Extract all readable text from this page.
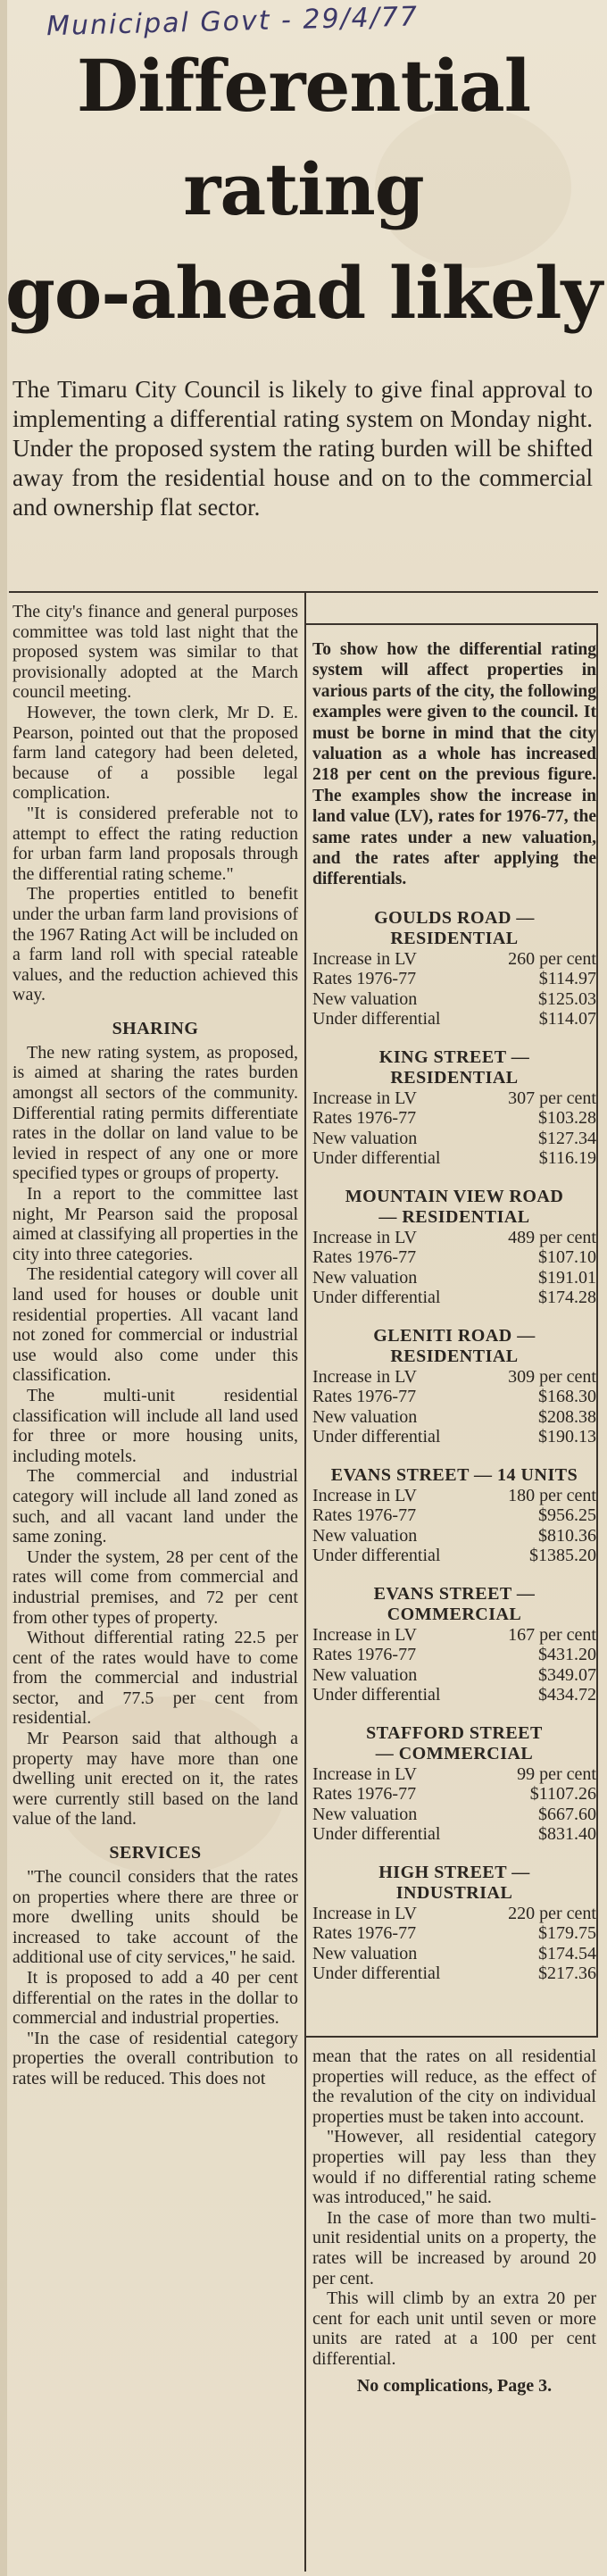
Municipal Govt - 29/4/77
Differential
rating
go-ahead likely
The Timaru City Council is likely to give final approval to implementing a differential rating system on Monday night. Under the proposed system the rating burden will be shifted away from the residential house and on to the commercial and ownership flat sector.

The city's finance and general purposes committee was told last night that the proposed system was similar to that provisionally adopted at the March council meeting.

However, the town clerk, Mr D. E. Pearson, pointed out that the proposed farm land category had been deleted, because of a possible legal complication.

"It is considered preferable not to attempt to effect the rating reduction for urban farm land proposals through the differential rating scheme."

The properties entitled to benefit under the urban farm land provisions of the 1967 Rating Act will be included on a farm land roll with special rateable values, and the reduction achieved this way.

SHARING

The new rating system, as proposed, is aimed at sharing the rates burden amongst all sectors of the community. Differential rating permits differentiate rates in the dollar on land value to be levied in respect of any one or more specified types or groups of property.

In a report to the committee last night, Mr Pearson said the proposal aimed at classifying all properties in the city into three categories.

The residential category will cover all land used for houses or double unit residential properties. All vacant land not zoned for commercial or industrial use would also come under this classification.

The multi-unit residential classification will include all land used for three or more housing units, including motels.

The commercial and industrial category will include all land zoned as such, and all vacant land under the same zoning.

Under the system, 28 per cent of the rates will come from commercial and industrial premises, and 72 per cent from other types of property.

Without differential rating 22.5 per cent of the rates would have to come from the commercial and industrial sector, and 77.5 per cent from residential.

Mr Pearson said that although a property may have more than one dwelling unit erected on it, the rates were currently still based on the land value of the land.

SERVICES

"The council considers that the rates on properties where there are three or more dwelling units should be increased to take account of the additional use of city services," he said.

It is proposed to add a 40 per cent differential on the rates in the dollar to commercial and industrial properties.

"In the case of residential category properties the overall contribution to rates will be reduced. This does not

To show how the differential rating system will affect properties in various parts of the city, the following examples were given to the council. It must be borne in mind that the city valuation as a whole has increased 218 per cent on the previous figure. The examples show the increase in land value (LV), rates for 1976-77, the same rates under a new valuation, and the rates after applying the differentials.
GOULDS ROAD —
RESIDENTIAL
Increase in LV	260 per cent
Rates 1976-77	$114.97
New valuation	$125.03
Under differential	$114.07
KING STREET —
RESIDENTIAL
Increase in LV	307 per cent
Rates 1976-77	$103.28
New valuation	$127.34
Under differential	$116.19
MOUNTAIN VIEW ROAD
— RESIDENTIAL
Increase in LV	489 per cent
Rates 1976-77	$107.10
New valuation	$191.01
Under differential	$174.28
GLENITI ROAD —
RESIDENTIAL
Increase in LV	309 per cent
Rates 1976-77	$168.30
New valuation	$208.38
Under differential	$190.13
EVANS STREET — 14 UNITS
Increase in LV	180 per cent
Rates 1976-77	$956.25
New valuation	$810.36
Under differential	$1385.20
EVANS STREET —
COMMERCIAL
Increase in LV	167 per cent
Rates 1976-77	$431.20
New valuation	$349.07
Under differential	$434.72
STAFFORD STREET
— COMMERCIAL
Increase in LV	99 per cent
Rates 1976-77	$1107.26
New valuation	$667.60
Under differential	$831.40
HIGH STREET —
INDUSTRIAL
Increase in LV	220 per cent
Rates 1976-77	$179.75
New valuation	$174.54
Under differential	$217.36

mean that the rates on all residential properties will reduce, as the effect of the revalution of the city on individual properties must be taken into account.

"However, all residential category properties will pay less than they would if no differential rating scheme was introduced," he said.

In the case of more than two multi-unit residential units on a property, the rates will be increased by around 20 per cent.

This will climb by an extra 20 per cent for each unit until seven or more units are rated at a 100 per cent differential.

No complications, Page 3.
